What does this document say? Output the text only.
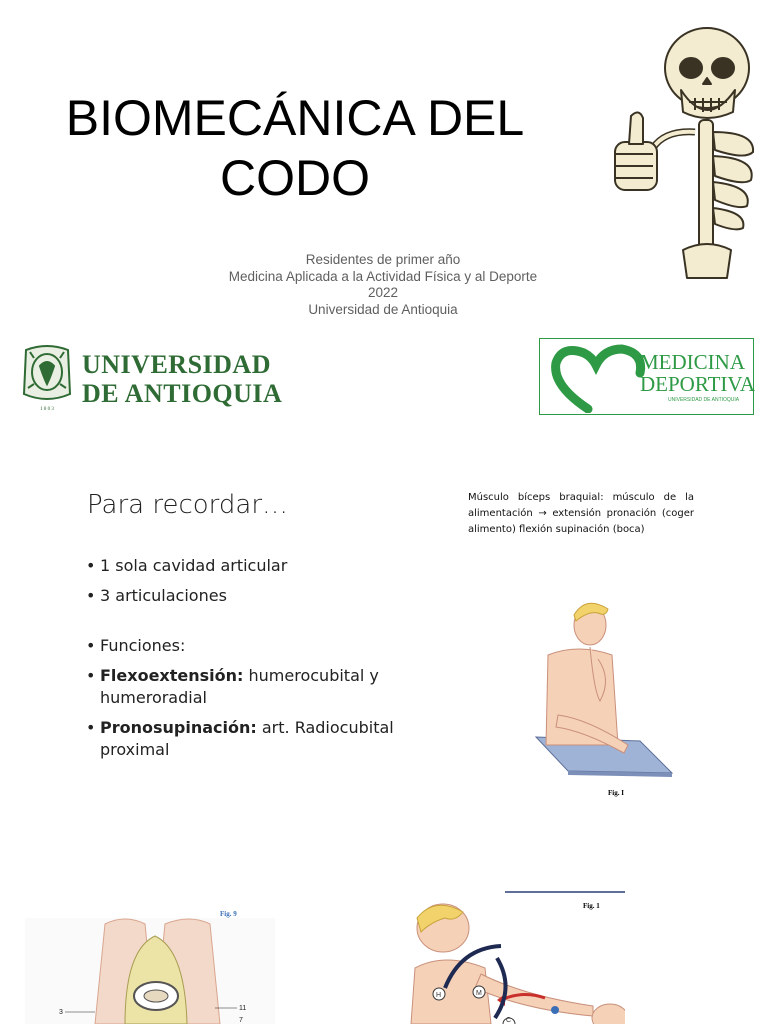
BIOMECÁNICA DEL
CODO
Residentes de primer año
Medicina Aplicada a la Actividad Física y al Deporte
2022
Universidad de Antioquia
1 8 0 3
UNIVERSIDAD
DE ANTIOQUIA
MEDICINA
DEPORTIVA
UNIVERSIDAD DE ANTIOQUIA
Para recordar…
• 1 sola cavidad articular
• 3 articulaciones
• Funciones:
• Flexoextensión: humerocubital y humeroradial
• Pronosupinación: art. Radiocubital proximal

Músculo bíceps braquial: músculo de la alimentación → extensión pronación (coger alimento) flexión supinación (boca)

Fig. I
Fig. 9
3
11
7
Fig. 1
H	M
C
